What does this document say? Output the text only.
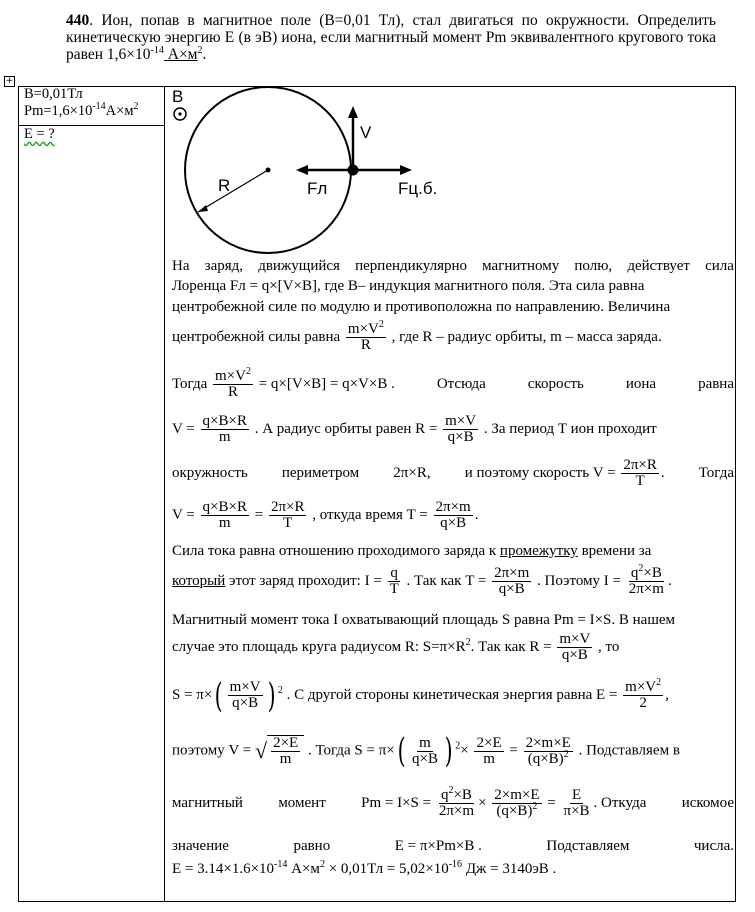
440. Ион, попав в магнитное поле (В=0,01 Тл), стал двигаться по окружности. Определить кинетическую энергию Е (в эВ) иона, если магнитный момент Pm эквивалентного кругового тока равен $1,6\times 10^{-14}$ $А\times м^2$.
+
В=0,01Тл
$Pm=1,6\times 10^{-14}А\times м^2$
Е = ?
B
R
V
Fл	Fц.б.
На заряд, движущийся перпендикулярно магнитному полю, действует сила
Лоренца Fл = q×[V×B], где B– индукция магнитного поля. Эта сила равна
центробежной силе по модулю и противоположна по направлению. Величина
центробежной силы равна $\frac{m\times V^2}{R}$ , где R – радиус орбиты, m – масса заряда.
Тогда $\frac{m\times V^2}{R} = q\times[V\times B] = q\times V\times B$ .	Отсюда	скорость	иона	равна
$V = \frac{q\times B\times R}{m}$ . А радиус орбиты равен $R = \frac{m\times V}{q\times B}$ . За период T ион проходит
окружность периметром 2π×R, и поэтому скорость $V = \frac{2\pi\times R}{T}$ . Тогда
$V = \frac{q\times B\times R}{m} = \frac{2\pi\times R}{T}$ , откуда время $T = \frac{2\pi\times m}{q\times B}$ .
Сила тока равна отношению проходимого заряда к промежутку времени за
который этот заряд проходит: $I = \frac{q}{T}$ . Так как $T = \frac{2\pi\times m}{q\times B}$ . Поэтому $I = \frac{q^2\times B}{2\pi\times m}$ .
Магнитный момент тока I охватывающий площадь S равна Pm = I×S. В нашем
случае это площадь круга радиусом R: $S=\pi\times R^2$. Так как $R = \frac{m\times V}{q\times B}$ , то
$S = \pi\times( \frac{m\times V}{q\times B}$ ) $^2$ . С другой стороны кинетическая энергия равна $E = \frac{m\times V^2}{2}$ ,
поэтому V = √ $\frac{2\times E}{m}$ . Тогда $S = \pi\times( \frac{m}{q\times B}$ ) $^2\times \frac{2\times E}{m} = \frac{2\times m\times E}{(q\times B)^2}$ . Подставляем в
магнитный момент $Pm = I\times S = \frac{q^2\times B}{2\pi\times m} \times \frac{2\times m\times E}{(q\times B)^2} = \frac{E}{\pi\times B}$ . Откуда искомое
значение	равно	E = π×Pm×B .	Подставляем	числа.
$E = 3.14\times 1.6\times 10^{-14}$ $А\times м^2 \times 0,01Тл = 5,02\times 10^{-16}$ Дж = 3140эВ .
